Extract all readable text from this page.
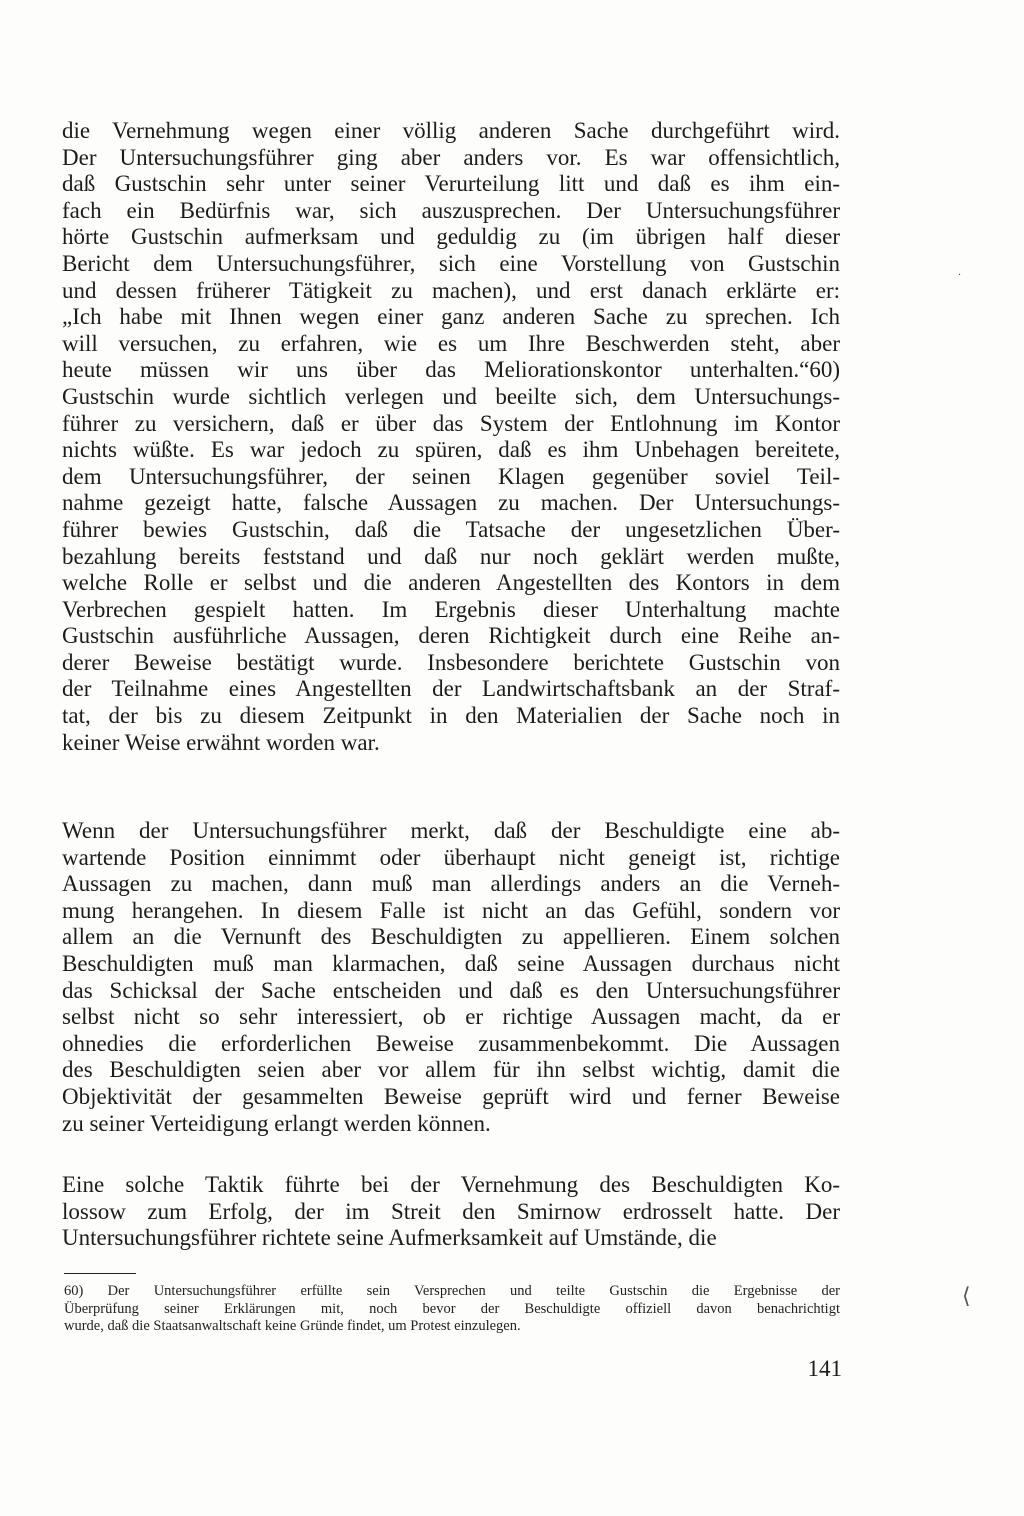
die Vernehmung wegen einer völlig anderen Sache durchgeführt wird.
Der Untersuchungsführer ging aber anders vor. Es war offensichtlich,
daß Gustschin sehr unter seiner Verurteilung litt und daß es ihm ein-
fach ein Bedürfnis war, sich auszusprechen. Der Untersuchungsführer
hörte Gustschin aufmerksam und geduldig zu (im übrigen half dieser
Bericht dem Untersuchungsführer, sich eine Vorstellung von Gustschin
und dessen früherer Tätigkeit zu machen), und erst danach erklärte er:
„Ich habe mit Ihnen wegen einer ganz anderen Sache zu sprechen. Ich
will versuchen, zu erfahren, wie es um Ihre Beschwerden steht, aber
heute müssen wir uns über das Meliorationskontor unterhalten.“60)
Gustschin wurde sichtlich verlegen und beeilte sich, dem Untersuchungs-
führer zu versichern, daß er über das System der Entlohnung im Kontor
nichts wüßte. Es war jedoch zu spüren, daß es ihm Unbehagen bereitete,
dem Untersuchungsführer, der seinen Klagen gegenüber soviel Teil-
nahme gezeigt hatte, falsche Aussagen zu machen. Der Untersuchungs-
führer bewies Gustschin, daß die Tatsache der ungesetzlichen Über-
bezahlung bereits feststand und daß nur noch geklärt werden mußte,
welche Rolle er selbst und die anderen Angestellten des Kontors in dem
Verbrechen gespielt hatten. Im Ergebnis dieser Unterhaltung machte
Gustschin ausführliche Aussagen, deren Richtigkeit durch eine Reihe an-
derer Beweise bestätigt wurde. Insbesondere berichtete Gustschin von
der Teilnahme eines Angestellten der Landwirtschaftsbank an der Straf-
tat, der bis zu diesem Zeitpunkt in den Materialien der Sache noch in
keiner Weise erwähnt worden war.
Wenn der Untersuchungsführer merkt, daß der Beschuldigte eine ab-
wartende Position einnimmt oder überhaupt nicht geneigt ist, richtige
Aussagen zu machen, dann muß man allerdings anders an die Verneh-
mung herangehen. In diesem Falle ist nicht an das Gefühl, sondern vor
allem an die Vernunft des Beschuldigten zu appellieren. Einem solchen
Beschuldigten muß man klarmachen, daß seine Aussagen durchaus nicht
das Schicksal der Sache entscheiden und daß es den Untersuchungsführer
selbst nicht so sehr interessiert, ob er richtige Aussagen macht, da er
ohnedies die erforderlichen Beweise zusammenbekommt. Die Aussagen
des Beschuldigten seien aber vor allem für ihn selbst wichtig, damit die
Objektivität der gesammelten Beweise geprüft wird und ferner Beweise
zu seiner Verteidigung erlangt werden können.
Eine solche Taktik führte bei der Vernehmung des Beschuldigten Ko-
lossow zum Erfolg, der im Streit den Smirnow erdrosselt hatte. Der
Untersuchungsführer richtete seine Aufmerksamkeit auf Umstände, die
60) Der Untersuchungsführer erfüllte sein Versprechen und teilte Gustschin die Ergebnisse der
Überprüfung seiner Erklärungen mit, noch bevor der Beschuldigte offiziell davon benachrichtigt
wurde, daß die Staatsanwaltschaft keine Gründe findet, um Protest einzulegen.
141
⟨
·
